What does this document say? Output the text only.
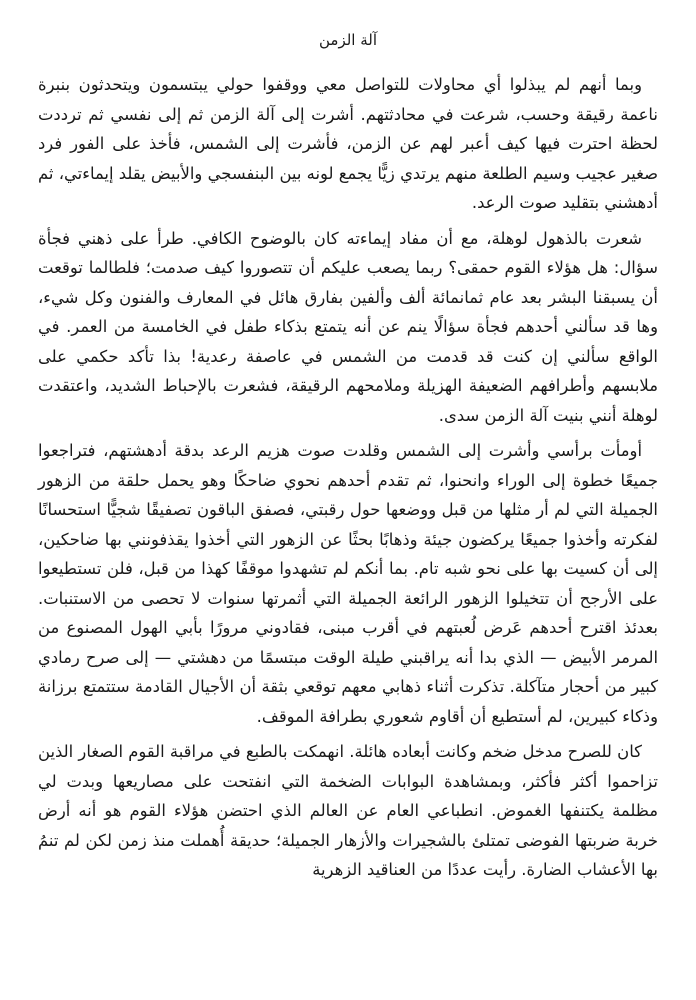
آلة الزمن

وبما أنهم لم يبذلوا أي محاولات للتواصل معي ووقفوا حولي يبتسمون ويتحدثون بنبرة ناعمة رقيقة وحسب، شرعت في محادثتهم. أشرت إلى آلة الزمن ثم إلى نفسي ثم ترددت لحظة احترت فيها كيف أعبر لهم عن الزمن، فأشرت إلى الشمس، فأخذ على الفور فرد صغير عجيب وسيم الطلعة منهم يرتدي زيًّا يجمع لونه بين البنفسجي والأبيض يقلد إيماءتي، ثم أدهشني بتقليد صوت الرعد.

شعرت بالذهول لوهلة، مع أن مفاد إيماءته كان بالوضوح الكافي. طرأ على ذهني فجأة سؤال: هل هؤلاء القوم حمقى؟ ربما يصعب عليكم أن تتصوروا كيف صدمت؛ فلطالما توقعت أن يسبقنا البشر بعد عام ثمانمائة ألف وألفين بفارق هائل في المعارف والفنون وكل شيء، وها قد سألني أحدهم فجأة سؤالًا ينم عن أنه يتمتع بذكاء طفل في الخامسة من العمر. في الواقع سألني إن كنت قد قدمت من الشمس في عاصفة رعدية! بذا تأكد حكمي على ملابسهم وأطرافهم الضعيفة الهزيلة وملامحهم الرقيقة، فشعرت بالإحباط الشديد، واعتقدت لوهلة أنني بنيت آلة الزمن سدى.

أومأت برأسي وأشرت إلى الشمس وقلدت صوت هزيم الرعد بدقة أدهشتهم، فتراجعوا جميعًا خطوة إلى الوراء وانحنوا، ثم تقدم أحدهم نحوي ضاحكًا وهو يحمل حلقة من الزهور الجميلة التي لم أر مثلها من قبل ووضعها حول رقبتي، فصفق الباقون تصفيقًا شجيًّا استحسانًا لفكرته وأخذوا جميعًا يركضون جيئة وذهابًا بحثًا عن الزهور التي أخذوا يقذفونني بها ضاحكين، إلى أن كسيت بها على نحو شبه تام. بما أنكم لم تشهدوا موقفًا كهذا من قبل، فلن تستطيعوا على الأرجح أن تتخيلوا الزهور الرائعة الجميلة التي أثمرتها سنوات لا تحصى من الاستنبات. بعدئذ اقترح أحدهم عَرض لُعبتهم في أقرب مبنى، فقادوني مرورًا بأبي الهول المصنوع من المرمر الأبيض — الذي بدا أنه يراقبني طيلة الوقت مبتسمًا من دهشتي — إلى صرح رمادي كبير من أحجار متآكلة. تذكرت أثناء ذهابي معهم توقعي بثقة أن الأجيال القادمة ستتمتع برزانة وذكاء كبيرين، لم أستطيع أن أقاوم شعوري بطرافة الموقف.

كان للصرح مدخل ضخم وكانت أبعاده هائلة. انهمكت بالطبع في مراقبة القوم الصغار الذين تزاحموا أكثر فأكثر، وبمشاهدة البوابات الضخمة التي انفتحت على مصاريعها وبدت لي مظلمة يكتنفها الغموض. انطباعي العام عن العالم الذي احتضن هؤلاء القوم هو أنه أرض خربة ضربتها الفوضى تمتلئ بالشجيرات والأزهار الجميلة؛ حديقة أُهملت منذ زمن لكن لم تنمُ بها الأعشاب الضارة. رأيت عددًا من العناقيد الزهرية
